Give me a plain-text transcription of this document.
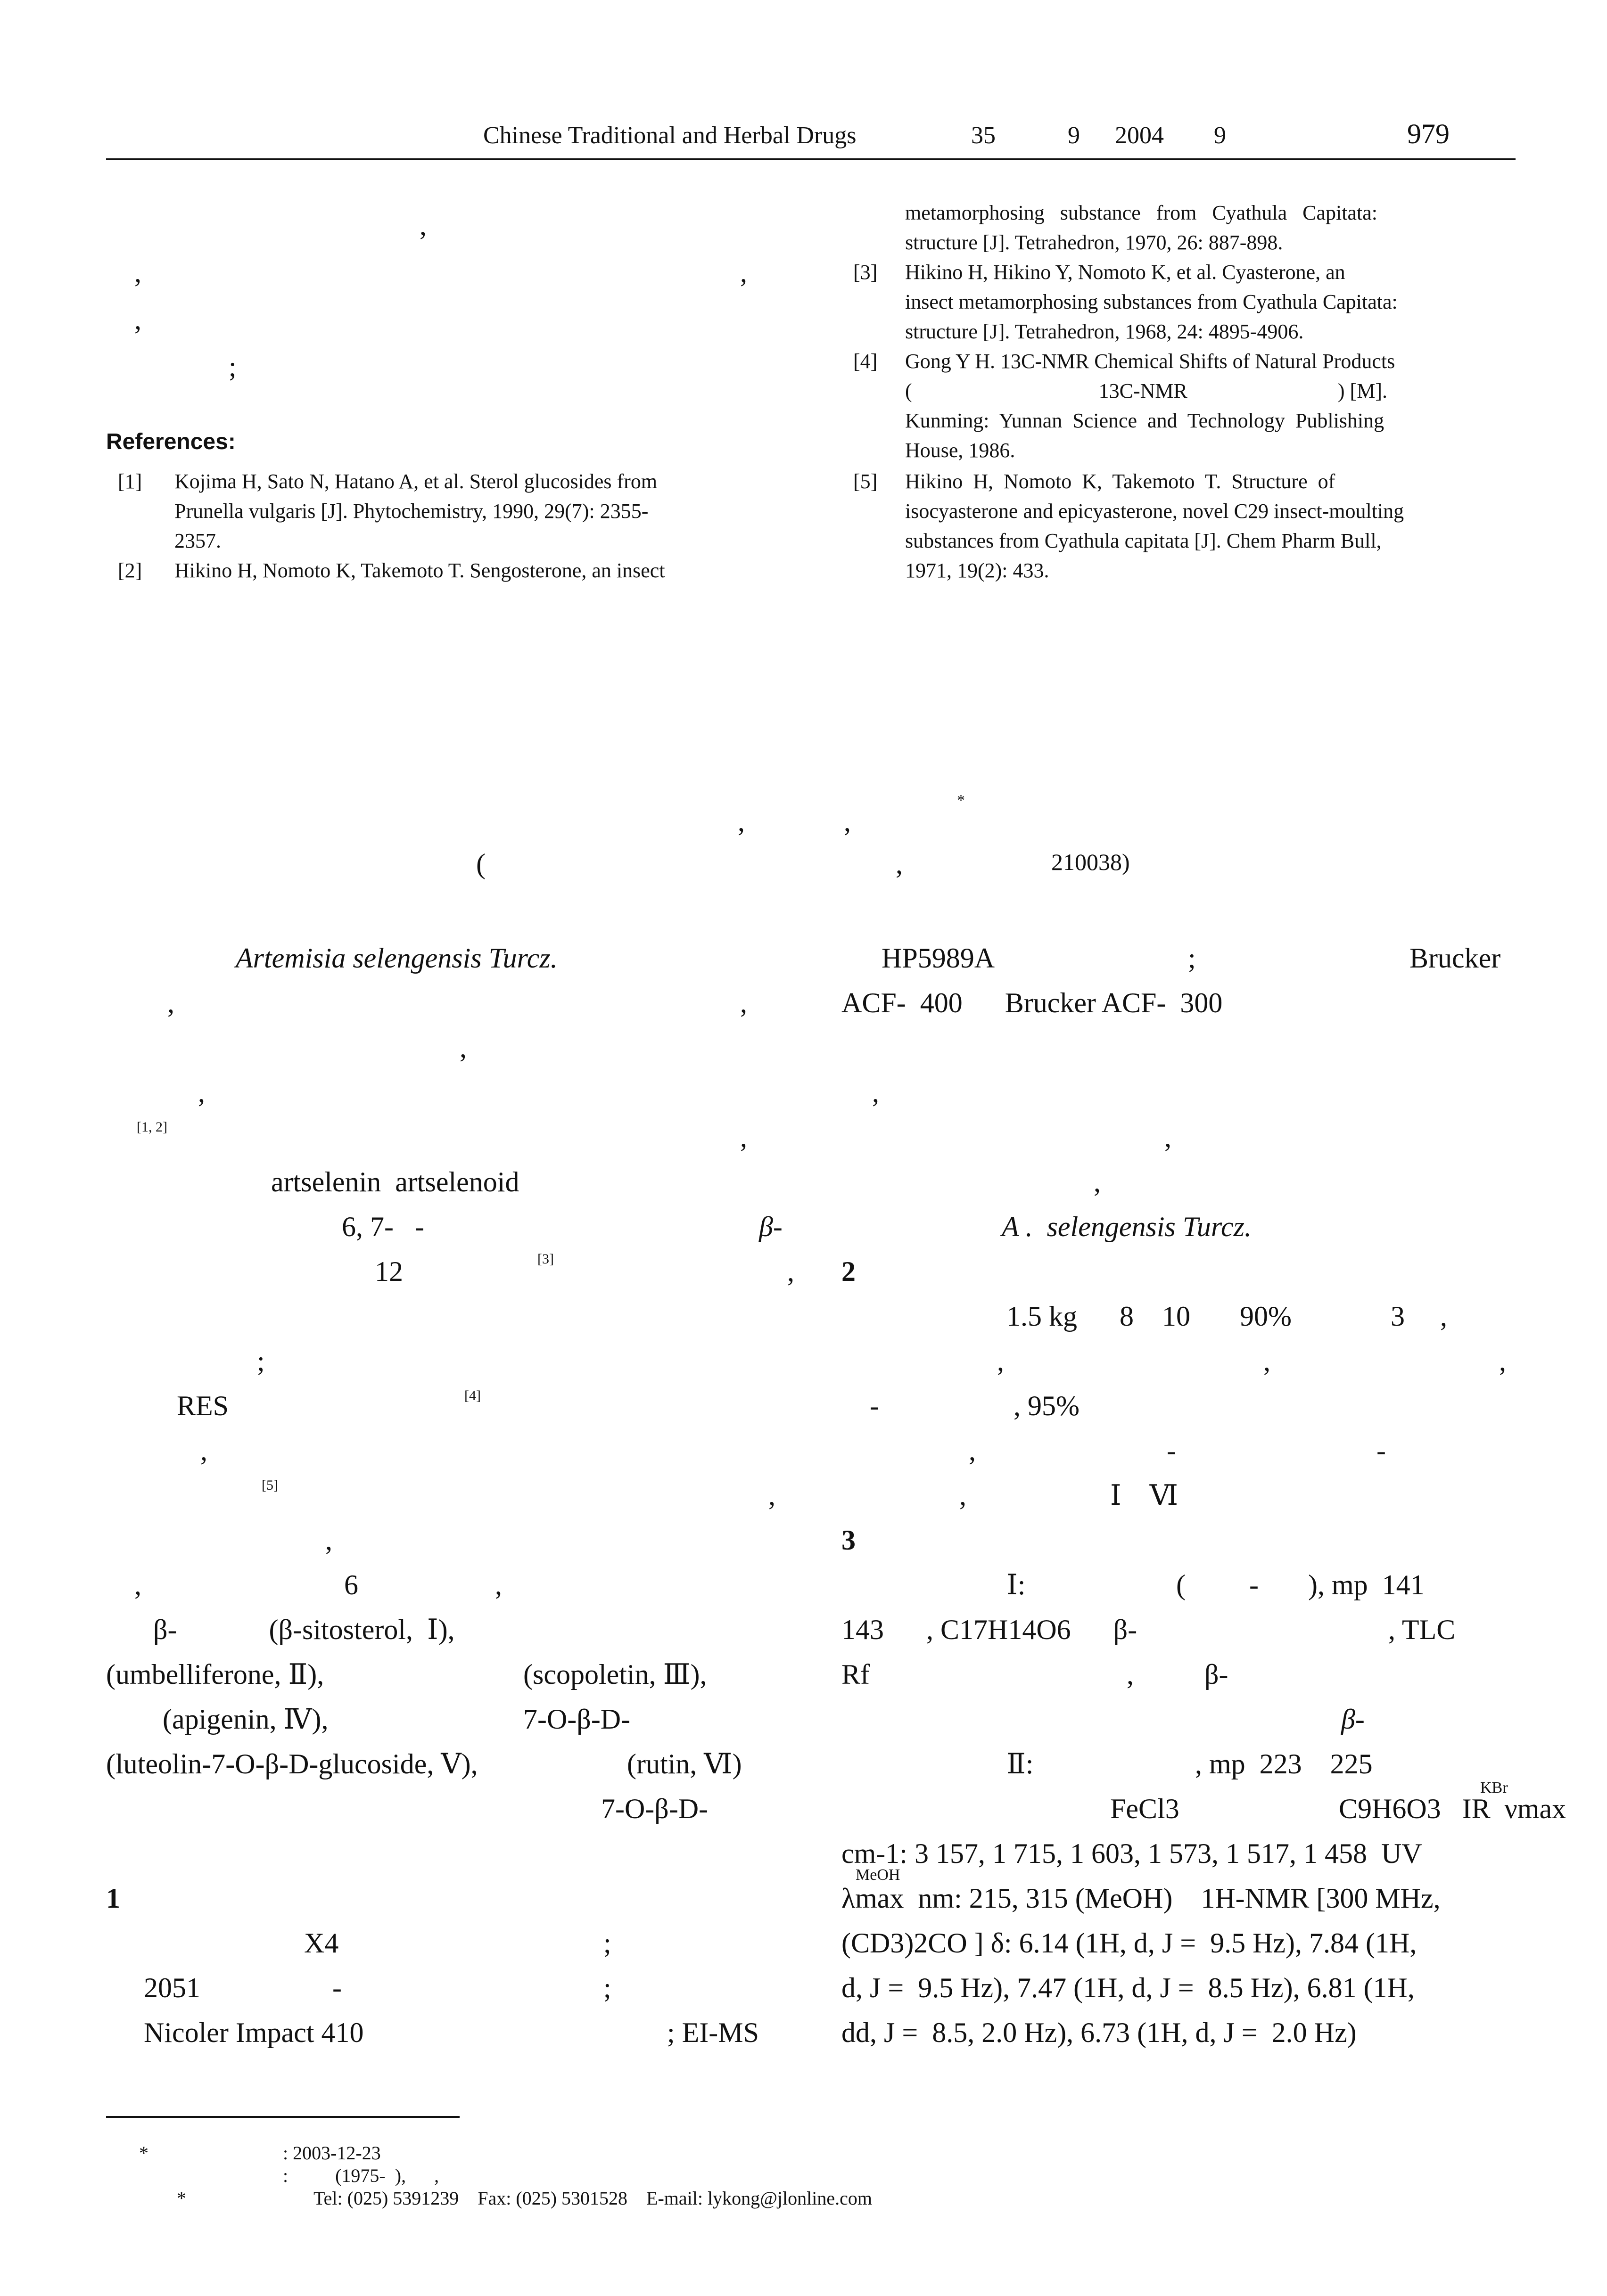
Chinese Traditional and Herbal Drugs	35	9 2004 9	979
,
,	,
,
;
References:
[1] Kojima H, Sato N, Hatano A, et al. Sterol glucosides from
Prunella vulgaris [J]. Phytochemistry, 1990, 29(7): 2355-
2357.
[2] Hikino H, Nomoto K, Takemoto T. Sengosterone, an insect
metamorphosing   substance   from   Cyathula   Capitata:
structure [J]. Tetrahedron, 1970, 26: 887-898.
[3] Hikino H, Hikino Y, Nomoto K, et al. Cyasterone, an
insect metamorphosing substances from Cyathula Capitata:
structure [J]. Tetrahedron, 1968, 24: 4895-4906.
[4] Gong Y H. 13C-NMR Chemical Shifts of Natural Products
(                                    13C-NMR                             ) [M].
Kunming:  Yunnan  Science  and  Technology  Publishing
House, 1986.
[5] Hikino  H,  Nomoto  K,  Takemoto  T.  Structure  of
isocyasterone and epicyasterone, novel C29 insect-moulting
substances from Cyathula capitata [J]. Chem Pharm Bull,
1971, 19(2): 433.
*
,              ,
(	,	210038)
Artemisia selengensis Turcz.
,	,
,
,
[1, 2]	,
artselenin  artselenoid
6, 7-   -	β-
12	[3]	,
;
RES	[4]
,
[5]	,
,
,	6	,
β-             (β-sitosterol,  Ⅰ),
(umbelliferone, Ⅱ),	(scopoletin, Ⅲ),
(apigenin, Ⅳ),	7-O-β-D-
(luteolin-7-O-β-D-glucoside, Ⅴ),	(rutin, Ⅵ)
7-O-β-D-
1
X4	;
2051	-	;
Nicoler Impact 410	; EI-MS
HP5989A	;	Brucker
ACF-  400      Brucker ACF-  300
,
,
,
A .  selengensis Turcz.
2
1.5 kg      8    10       90%              3     ,
,	,	,
-                   , 95%
,	-	-
,	Ⅰ    Ⅵ
3
Ⅰ:	(         -       ), mp  141
143      , C17H14O6      β-	, TLC
Rf	,          β-
β-
Ⅱ:	, mp  223    225
FeCl3	C9H6O3   IR  νmax
KBr
cm-1: 3 157, 1 715, 1 603, 1 573, 1 517, 1 458  UV
λmax  nm: 215, 315 (MeOH)    1H-NMR [300 MHz,
MeOH
(CD3)2CO ] δ: 6.14 (1H, d, J =  9.5 Hz), 7.84 (1H,
d, J =  9.5 Hz), 7.47 (1H, d, J =  8.5 Hz), 6.81 (1H,
dd, J =  8.5, 2.0 Hz), 6.73 (1H, d, J =  2.0 Hz)
*	: 2003-12-23
:          (1975-  ),      ,
*	Tel: (025) 5391239    Fax: (025) 5301528    E-mail: lykong@jlonline.com
